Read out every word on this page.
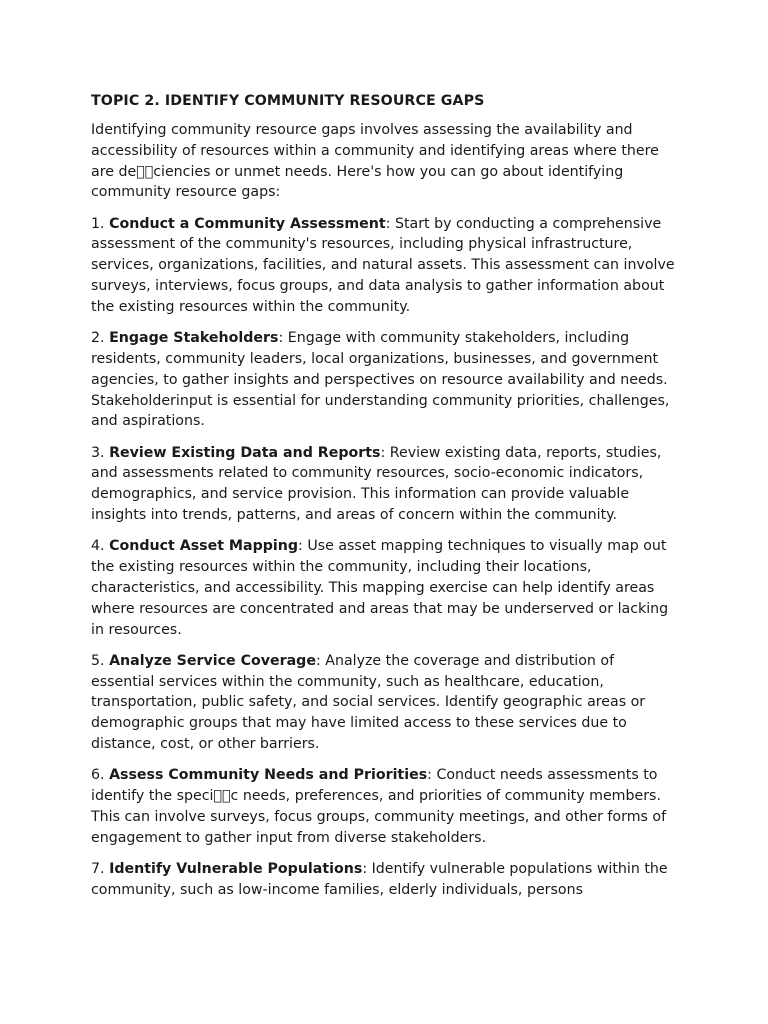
TOPIC 2. IDENTIFY COMMUNITY RESOURCE GAPS
Identifying community resource gaps involves assessing the availability and accessibility of resources within a community and identifying areas where there are de  ciencies or unmet needs. Here's how you can go about identifying community resource gaps:
1. Conduct a Community Assessment: Start by conducting a comprehensive assessment of the community's resources, including physical infrastructure, services, organizations, facilities, and natural assets. This assessment can involve surveys, interviews, focus groups, and data analysis to gather information about the existing resources within the community.
2. Engage Stakeholders: Engage with community stakeholders, including residents, community leaders, local organizations, businesses, and government agencies, to gather insights and perspectives on resource availability and needs. Stakeholderinput is essential for understanding community priorities, challenges, and aspirations.
3. Review Existing Data and Reports: Review existing data, reports, studies, and assessments related to community resources, socio-economic indicators, demographics, and service provision. This information can provide valuable insights into trends, patterns, and areas of concern within the community.
4. Conduct Asset Mapping: Use asset mapping techniques to visually map out the existing resources within the community, including their locations, characteristics, and accessibility. This mapping exercise can help identify areas where resources are concentrated and areas that may be underserved or lacking in resources.
5. Analyze Service Coverage: Analyze the coverage and distribution of essential services within the community, such as healthcare, education, transportation, public safety, and social services. Identify geographic areas or demographic groups that may have limited access to these services due to distance, cost, or other barriers.
6. Assess Community Needs and Priorities: Conduct needs assessments to identify the speci  c needs, preferences, and priorities of community members. This can involve surveys, focus groups, community meetings, and other forms of engagement to gather input from diverse stakeholders.
7. Identify Vulnerable Populations: Identify vulnerable populations within the community, such as low-income families, elderly individuals, persons
